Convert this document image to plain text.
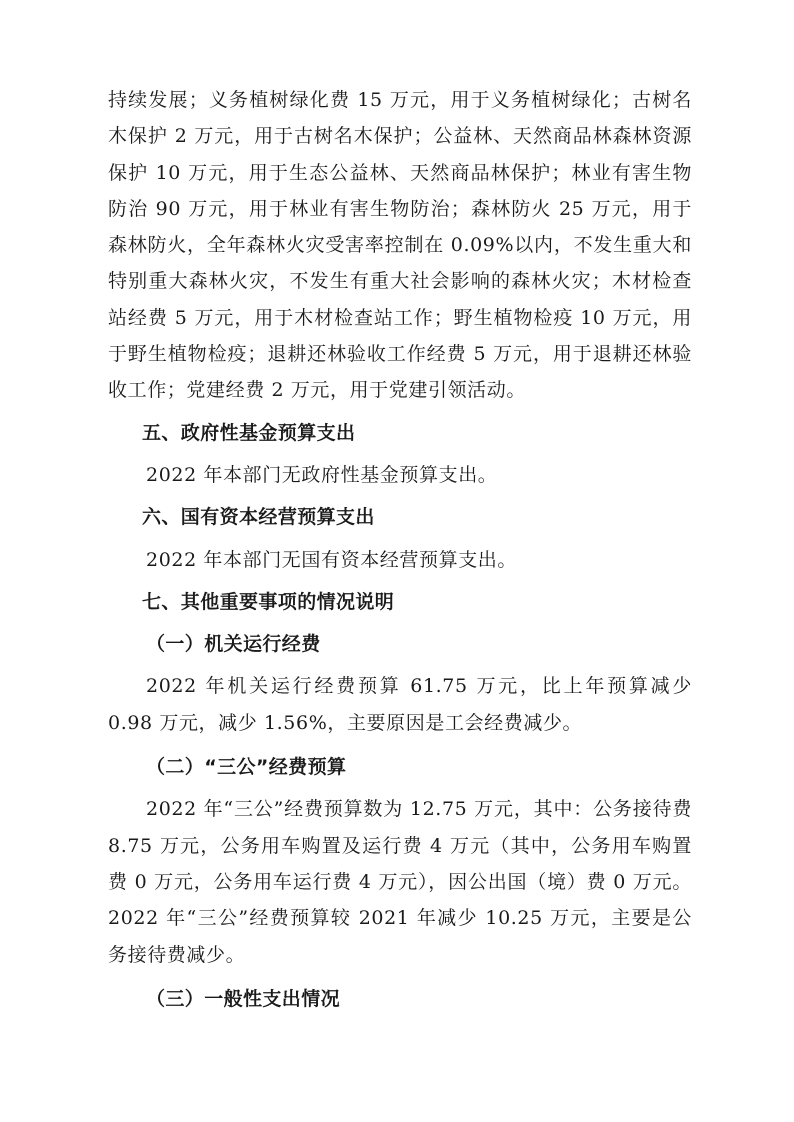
持续发展；义务植树绿化费 15 万元，用于义务植树绿化；古树名木保护 2 万元，用于古树名木保护；公益林、天然商品林森林资源保护 10 万元，用于生态公益林、天然商品林保护；林业有害生物防治 90 万元，用于林业有害生物防治；森林防火 25 万元，用于森林防火，全年森林火灾受害率控制在 0.09%以内，不发生重大和特别重大森林火灾，不发生有重大社会影响的森林火灾；木材检查站经费 5 万元，用于木材检查站工作；野生植物检疫 10 万元，用于野生植物检疫；退耕还林验收工作经费 5 万元，用于退耕还林验收工作；党建经费 2 万元，用于党建引领活动。

五、政府性基金预算支出

2022 年本部门无政府性基金预算支出。

六、国有资本经营预算支出

2022 年本部门无国有资本经营预算支出。

七、其他重要事项的情况说明
（一）机关运行经费

2022 年机关运行经费预算 61.75 万元，比上年预算减少 0.98 万元，减少 1.56%，主要原因是工会经费减少。

（二）“三公”经费预算

2022 年“三公”经费预算数为 12.75 万元，其中：公务接待费 8.75 万元，公务用车购置及运行费 4 万元（其中，公务用车购置费 0 万元，公务用车运行费 4 万元），因公出国（境）费 0 万元。2022 年“三公”经费预算较 2021 年减少 10.25 万元，主要是公务接待费减少。

（三）一般性支出情况
